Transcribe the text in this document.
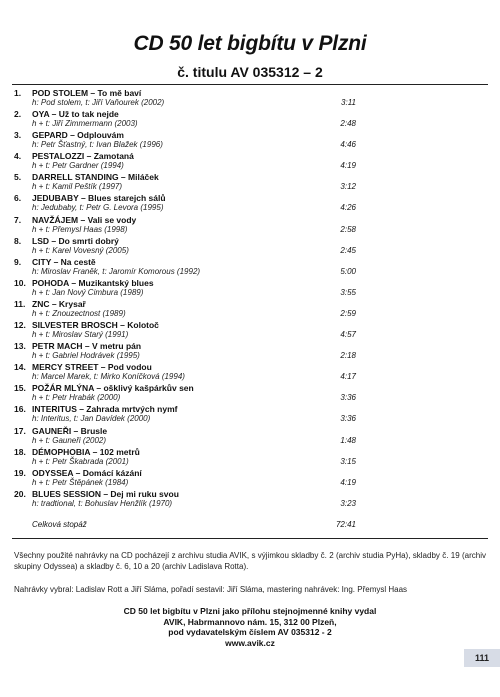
CD 50 let bigbítu v Plzni
č. titulu AV 035312 – 2
1. POD STOLEM – To mě baví
h: Pod stolem, t: Jiří Vaňourek (2002)	3:11
2. OYA – Už to tak nejde
h + t: Jiří Zimmermann (2003)	2:48
3. GEPARD – Odplouvám
h: Petr Šťastný, t: Ivan Blažek (1996)	4:46
4. PESTALOZZI – Zamotaná
h + t: Petr Gardner (1994)	4:19
5. DARRELL STANDING – Miláček
h + t: Kamil Peštík (1997)	3:12
6. JEDUBABY – Blues starejch sálů
h: Jedubaby, t: Petr G. Levora (1995)	4:26
7. NAVŽÁJEM – Vali se vody
h + t: Přemysl Haas (1998)	2:58
8. LSD – Do smrti dobrý
h + t: Karel Vovesný (2005)	2:45
9. CITY – Na cestě
h: Miroslav Franěk, t: Jaromír Komorous (1992)	5:00
10. POHODA – Muzikantský blues
h + t: Jan Nový Cimbura (1989)	3:55
11. ZNC – Krysař
h + t: Znouzectnost (1989)	2:59
12. SILVESTER BROSCH – Kolotoč
h + t: Miroslav Starý (1991)	4:57
13. PETR MACH – V metru pán
h + t: Gabriel Hodrávek (1995)	2:18
14. MERCY STREET – Pod vodou
h: Marcel Marek, t: Mirko Koníčková (1994)	4:17
15. POŽÁR MLÝNA – ošklivý kašpárkův sen
h + t: Petr Hrabák (2000)	3:36
16. INTERITUS – Zahrada mrtvých nymf
h: Interitus, t: Jan Davídek (2000)	3:36
17. GAUNEŘI – Brusle
h + t: Gauneři (2002)	1:48
18. DÉMOPHOBIA – 102 metrů
h + t: Petr Škabrada (2001)	3:15
19. ODYSSEA – Domácí kázání
h + t: Petr Štěpánek (1984)	4:19
20. BLUES SESSION – Dej mi ruku svou
h: tradtional, t: Bohuslav Henžlík (1970)	3:23
Celková stopáž	72:41
Všechny použité nahrávky na CD pocházejí z archivu studia AVIK, s výjimkou skladby č. 2 (archiv studia PyHa), skladby č. 19 (archiv skupiny Odyssea) a skladby č. 6, 10 a 20 (archiv Ladislava Rotta).
Nahrávky vybral: Ladislav Rott a Jiří Sláma, pořadí sestavil: Jiří Sláma, mastering nahrávek: Ing. Přemysl Haas
CD 50 let bigbítu v Plzni jako přílohu stejnojmenné knihy vydal
AVIK, Habrmannovo nám. 15, 312 00 Plzeň,
pod vydavatelským číslem AV 035312 - 2
www.avik.cz
111
